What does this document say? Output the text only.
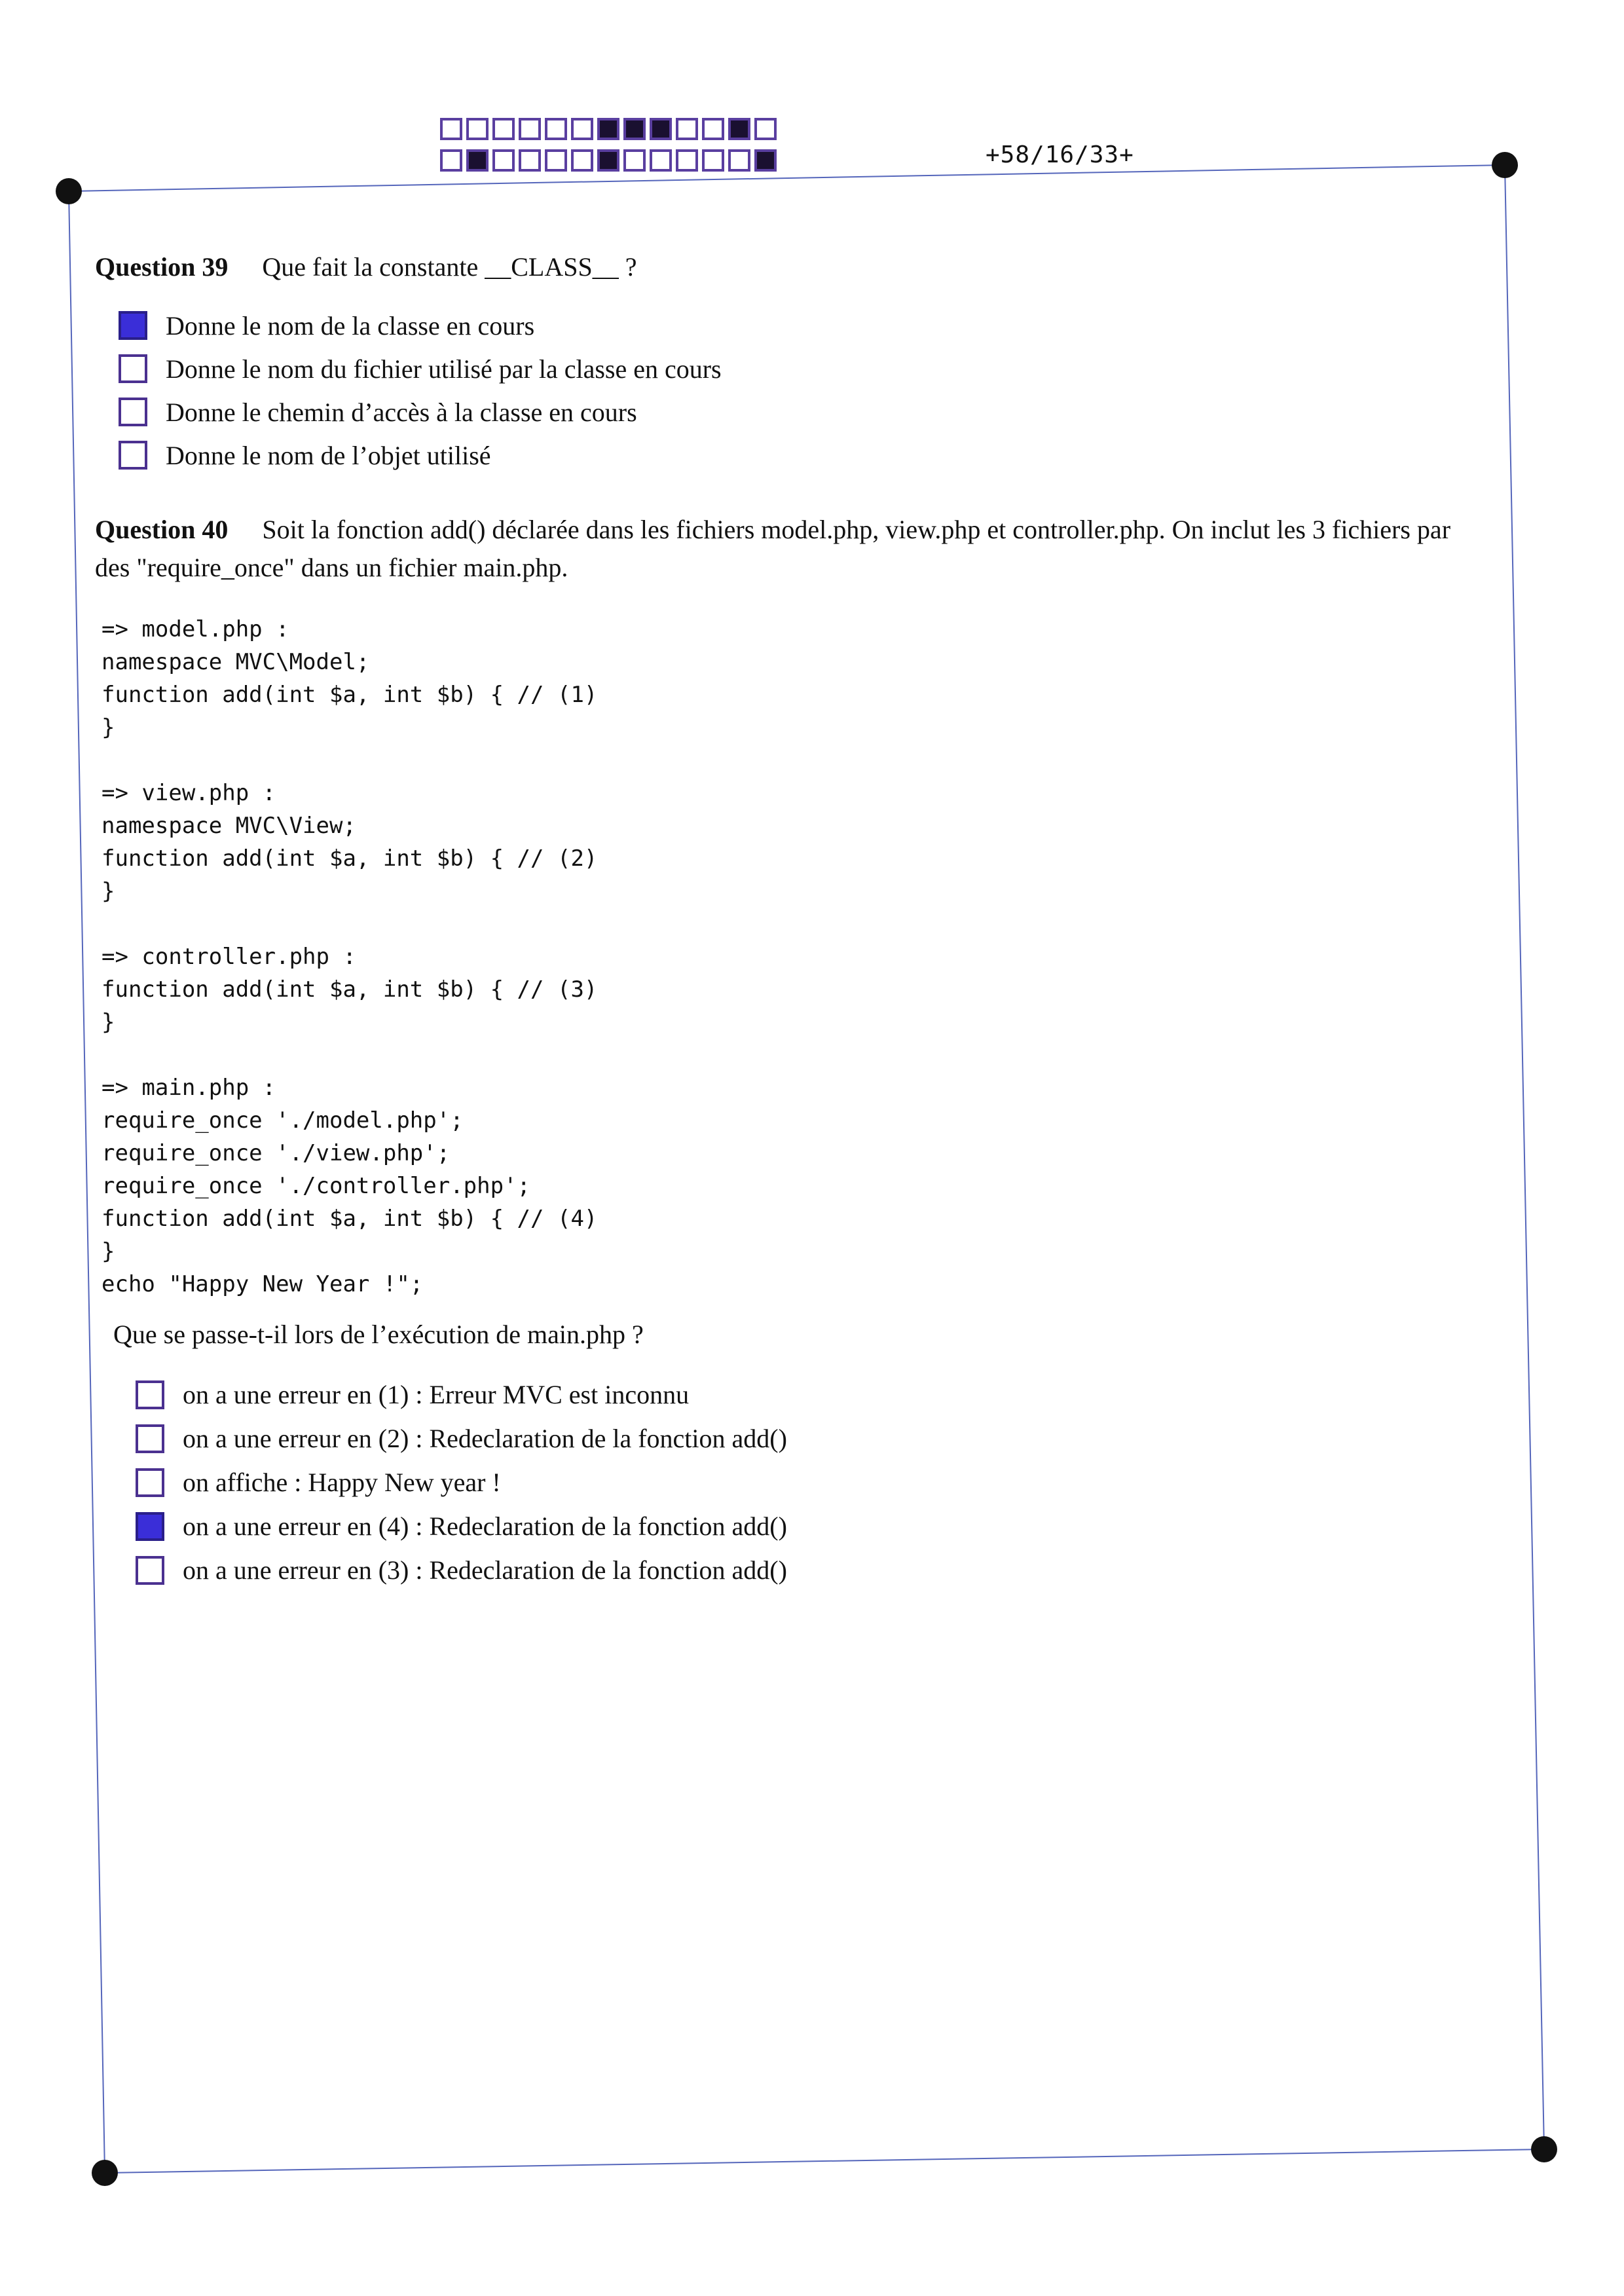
+58/16/33+
Question 39 Que fait la constante __CLASS__ ?
Donne le nom de la classe en cours
Donne le nom du fichier utilisé par la classe en cours
Donne le chemin d’accès à la classe en cours
Donne le nom de l’objet utilisé
Question 40 Soit la fonction add() déclarée dans les fichiers model.php, view.php et controller.php. On inclut les 3 fichiers par des "require_once" dans un fichier main.php.
=> model.php :
namespace MVC\Model;
function add(int $a, int $b) { // (1)
}
=> view.php :
namespace MVC\View;
function add(int $a, int $b) { // (2)
}
=> controller.php :
function add(int $a, int $b) { // (3)
}
=> main.php :
require_once './model.php';
require_once './view.php';
require_once './controller.php';
function add(int $a, int $b) { // (4)
}
echo "Happy New Year !";
Que se passe-t-il lors de l’exécution de main.php ?
on a une erreur en (1) : Erreur MVC est inconnu
on a une erreur en (2) : Redeclaration de la fonction add()
on affiche : Happy New year !
on a une erreur en (4) : Redeclaration de la fonction add()
on a une erreur en (3) : Redeclaration de la fonction add()
